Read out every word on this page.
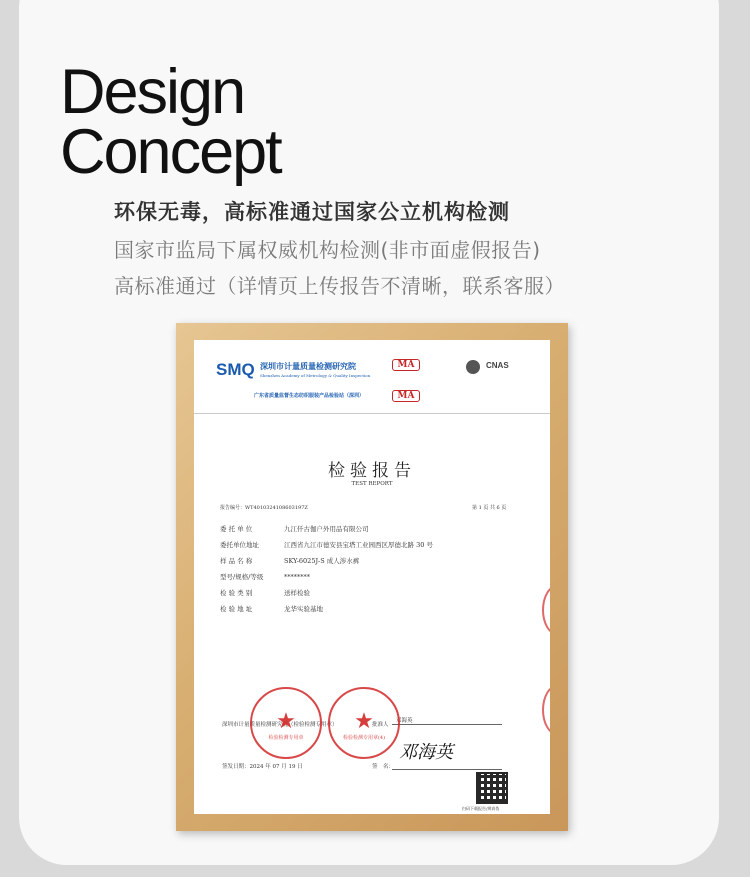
Design
Concept
环保无毒，高标准通过国家公立机构检测
国家市监局下属权威机构检测(非市面虚假报告)
高标准通过（详情页上传报告不清晰，联系客服）
SMQ 深圳市计量质量检测研究院
Shenzhen Academy of Metrology & Quality Inspection
广东省质量监督生态纺织服装产品检验站（深圳）
MA
MA
CNAS
检验报告
TEST REPORT
报告编号：WT4010324108603197Z	第 1 页 共 6 页
委 托 单 位	九江仟古伽户外用品有限公司
委托单位地址	江西省九江市德安县宝塔工业园西区厚德北路 30 号
样 品 名 称	SKY-6025J-S 成人涉水裤
型号/规格/等级	********
检 验 类 别	送样检验
检 验 地 址	龙华实验基地
深圳市计量质量检测研究院（检验检测专用章）	批准人
邓海英
★
检验检测专用章
★
检验检测专用章(4)
邓海英
签发日期：2024 年 07 月 19 日	签　名：
扫码下载报告/辨真伪
